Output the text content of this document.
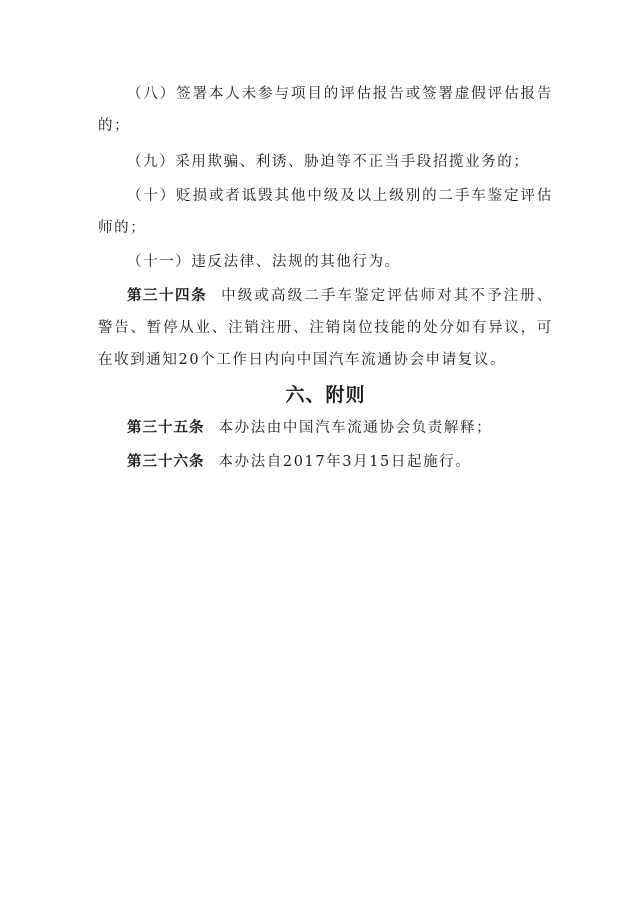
（八）签署本人未参与项目的评估报告或签署虚假评估报告的；

（九）采用欺骗、利诱、胁迫等不正当手段招揽业务的；

（十）贬损或者诋毁其他中级及以上级别的二手车鉴定评估师的；

（十一）违反法律、法规的其他行为。

第三十四条 中级或高级二手车鉴定评估师对其不予注册、警告、暂停从业、注销注册、注销岗位技能的处分如有异议，可在收到通知20个工作日内向中国汽车流通协会申请复议。

六、附则

第三十五条 本办法由中国汽车流通协会负责解释；

第三十六条 本办法自2017年3月15日起施行。
